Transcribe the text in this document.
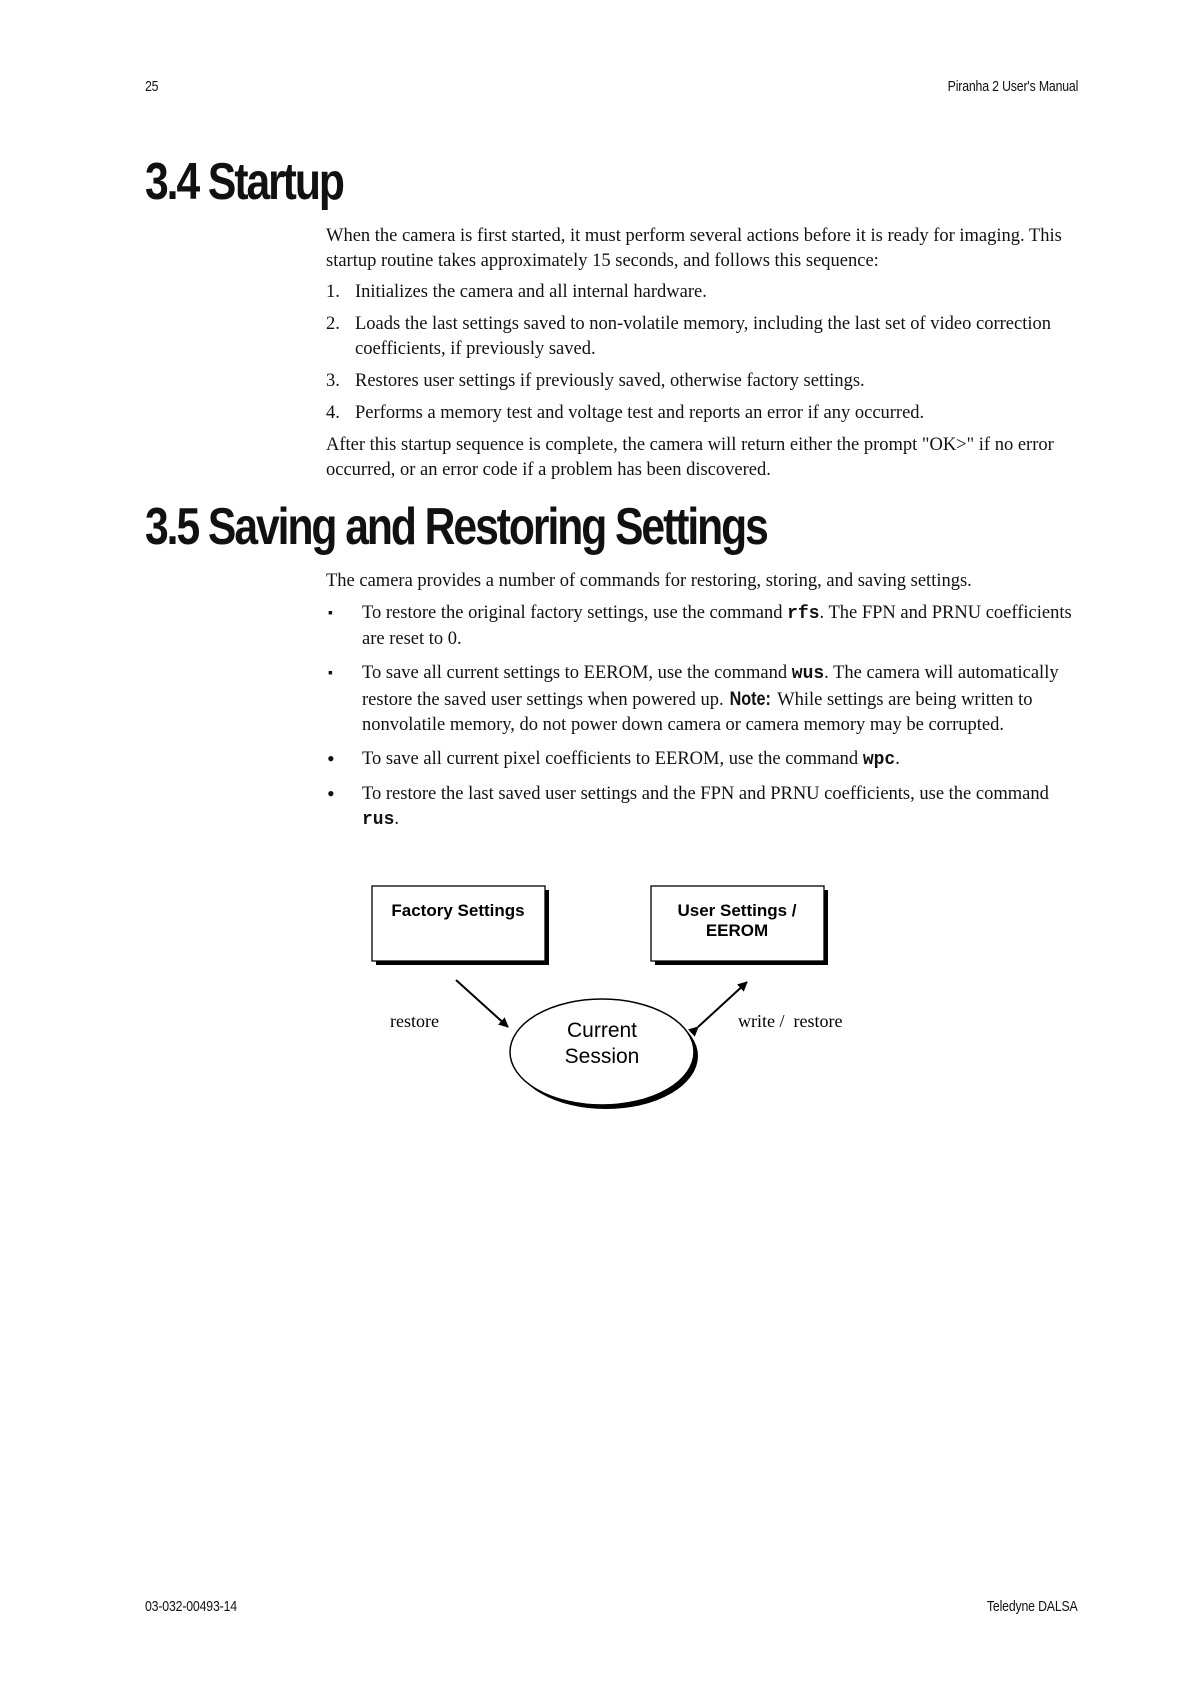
25	Piranha 2 User's Manual
3.4 Startup

When the camera is first started, it must perform several actions before it is ready for imaging. This startup routine takes approximately 15 seconds, and follows this sequence:

1. Initializes the camera and all internal hardware.
2. Loads the last settings saved to non-volatile memory, including the last set of video correction coefficients, if previously saved.
3. Restores user settings if previously saved, otherwise factory settings.
4. Performs a memory test and voltage test and reports an error if any occurred.

After this startup sequence is complete, the camera will return either the prompt "OK>" if no error occurred, or an error code if a problem has been discovered.

3.5 Saving and Restoring Settings

The camera provides a number of commands for restoring, storing, and saving settings.

▪ To restore the original factory settings, use the command rfs. The FPN and PRNU coefficients are reset to 0.
▪ To save all current settings to EEROM, use the command wus. The camera will automatically restore the saved user settings when powered up. Note: While settings are being written to nonvolatile memory, do not power down camera or camera memory may be corrupted.
• To save all current pixel coefficients to EEROM, use the command wpc.
• To restore the last saved user settings and the FPN and PRNU coefficients, use the command rus.
Factory Settings	User Settings /
EEROM
Current
Session
restore	write /  restore
03-032-00493-14	Teledyne DALSA
